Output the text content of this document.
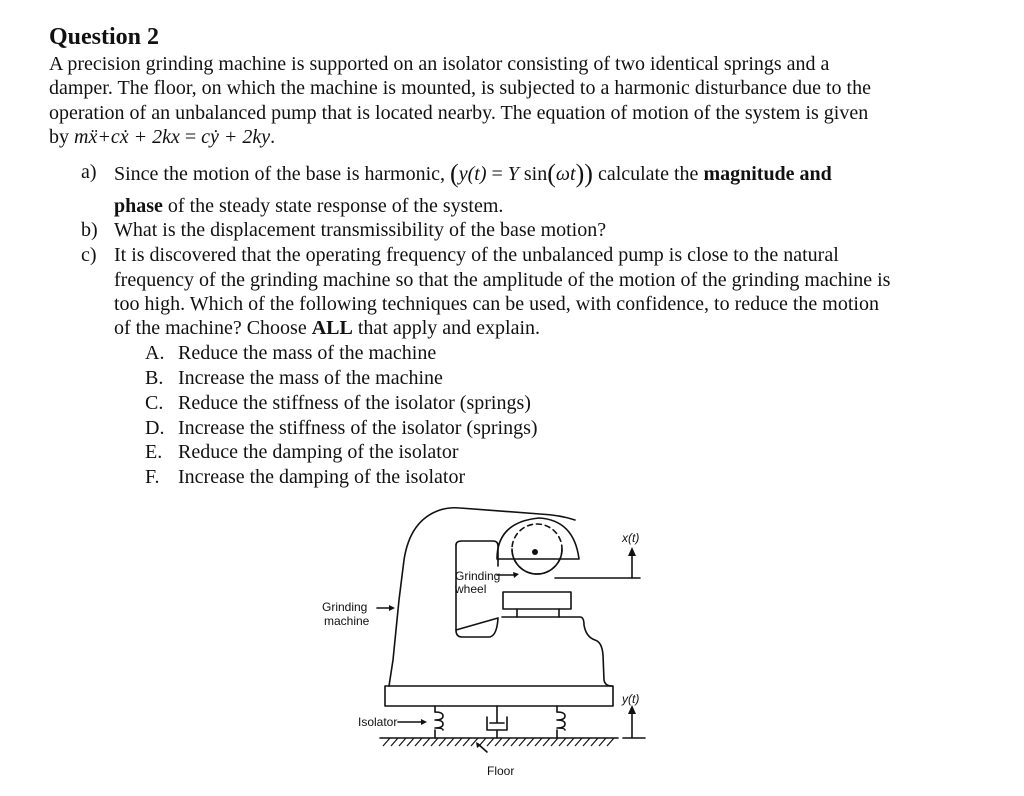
Question 2
A precision grinding machine is supported on an isolator consisting of two identical springs and a
damper. The floor, on which the machine is mounted, is subjected to a harmonic disturbance due to the
operation of an unbalanced pump that is located nearby. The equation of motion of the system is given
by mẍ+cẋ + 2kx = cẏ + 2ky.
a) Since the motion of the base is harmonic, (y(t) = Y sin(ωt)) calculate the magnitude and
phase of the steady state response of the system.
b) What is the displacement transmissibility of the base motion?
c) It is discovered that the operating frequency of the unbalanced pump is close to the natural
frequency of the grinding machine so that the amplitude of the motion of the grinding machine is
too high. Which of the following techniques can be used, with confidence, to reduce the motion
of the machine? Choose ALL that apply and explain.
A. Reduce the mass of the machine
B. Increase the mass of the machine
C. Reduce the stiffness of the isolator (springs)
D. Increase the stiffness of the isolator (springs)
E. Reduce the damping of the isolator
F. Increase the damping of the isolator
Grinding
wheel
Grinding
machine
Isolator
Floor
x(t)
y(t)
